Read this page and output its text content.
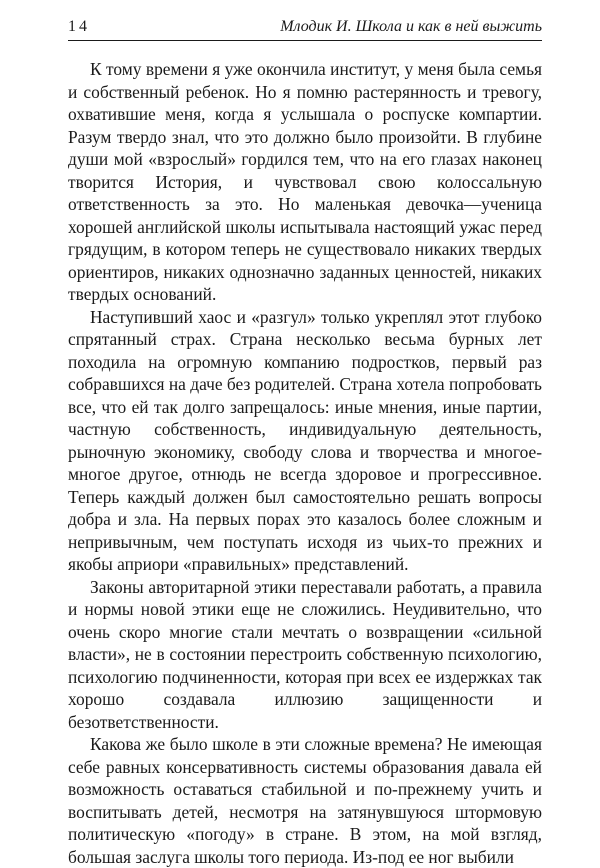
14	Млодик И. Школа и как в ней выжить

К тому времени я уже окончила институт, у меня была семья и собственный ребенок. Но я помню растерянность и тревогу, охватившие меня, когда я услышала о роспуске компартии. Разум твердо знал, что это должно было произойти. В глубине души мой «взрослый» гордился тем, что на его глазах наконец творится История, и чувствовал свою колоссальную ответственность за это. Но маленькая девочка—ученица хорошей английской школы испытывала настоящий ужас перед грядущим, в котором теперь не существовало никаких твердых ориентиров, никаких однозначно заданных ценностей, никаких твердых оснований.

Наступивший хаос и «разгул» только укреплял этот глубоко спрятанный страх. Страна несколько весьма бурных лет походила на огромную компанию подростков, первый раз собравшихся на даче без родителей. Страна хотела попробовать все, что ей так долго запрещалось: иные мнения, иные партии, частную собственность, индивидуальную деятельность, рыночную экономику, свободу слова и творчества и многое-многое другое, отнюдь не всегда здоровое и прогрессивное. Теперь каждый должен был самостоятельно решать вопросы добра и зла. На первых порах это казалось более сложным и непривычным, чем поступать исходя из чьих-то прежних и якобы априори «правильных» представлений.

Законы авторитарной этики переставали работать, а правила и нормы новой этики еще не сложились. Неудивительно, что очень скоро многие стали мечтать о возвращении «сильной власти», не в состоянии перестроить собственную психологию, психологию подчиненности, которая при всех ее издержках так хорошо создавала иллюзию защищенности и безответственности.

Какова же было школе в эти сложные времена? Не имеющая себе равных консервативность системы образования давала ей возможность оставаться стабильной и по-прежнему учить и воспитывать детей, несмотря на затянувшуюся штормовую политическую «погоду» в стране. В этом, на мой взгляд, большая заслуга школы того периода. Из-под ее ног выбили
